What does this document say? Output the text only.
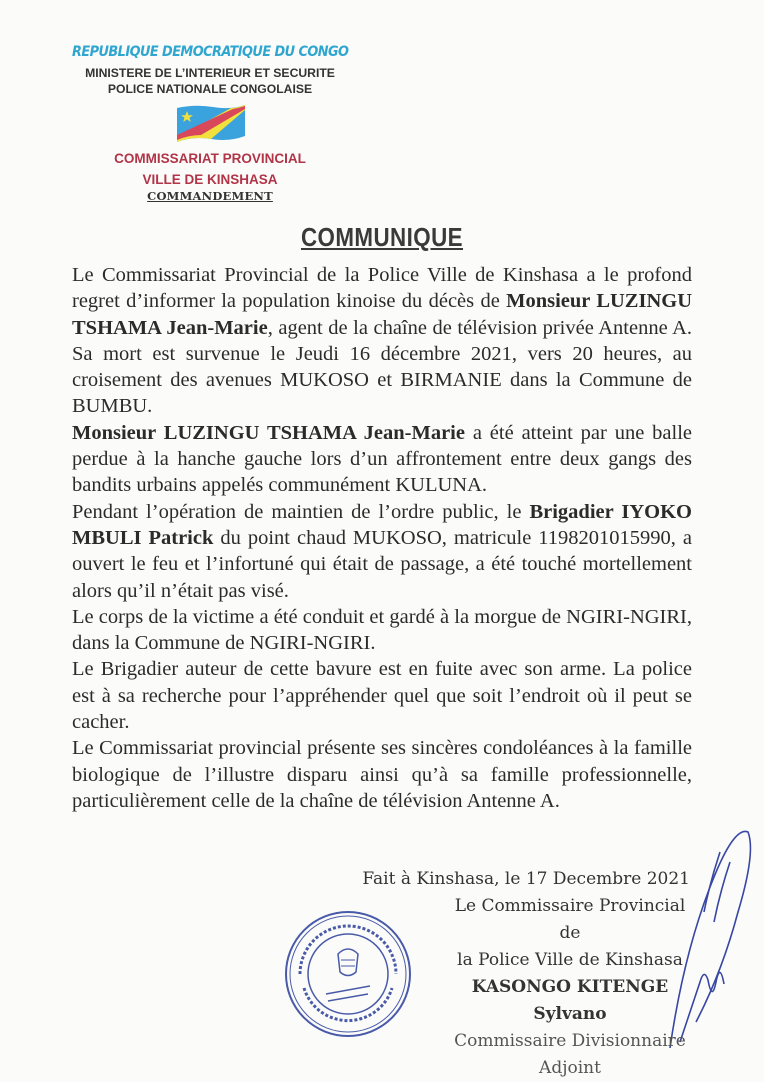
REPUBLIQUE DEMOCRATIQUE DU CONGO
MINISTERE DE L’INTERIEUR ET SECURITE
POLICE NATIONALE CONGOLAISE
COMMISSARIAT PROVINCIAL
VILLE DE KINSHASA
COMMANDEMENT
COMMUNIQUE

Le Commissariat Provincial de la Police Ville de Kinshasa a le profond regret d’informer la population kinoise du décès de Monsieur LUZINGU TSHAMA Jean-Marie, agent de la chaîne de télévision privée Antenne A. Sa mort est survenue le Jeudi 16 décembre 2021, vers 20 heures, au croisement des avenues MUKOSO et BIRMANIE dans la Commune de BUMBU.

Monsieur LUZINGU TSHAMA Jean-Marie a été atteint par une balle perdue à la hanche gauche lors d’un affrontement entre deux gangs des bandits urbains appelés communément KULUNA.

Pendant l’opération de maintien de l’ordre public, le Brigadier IYOKO MBULI Patrick du point chaud MUKOSO, matricule 1198201015990, a ouvert le feu et l’infortuné qui était de passage, a été touché mortellement alors qu’il n’était pas visé.

Le corps de la victime a été conduit et gardé à la morgue de NGIRI-NGIRI, dans la Commune de NGIRI-NGIRI.

Le Brigadier auteur de cette bavure est en fuite avec son arme. La police est à sa recherche pour l’appréhender quel que soit l’endroit où il peut se cacher.

Le Commissariat provincial présente ses sincères condoléances à la famille biologique de l’illustre disparu ainsi qu’à sa famille professionnelle, particulièrement celle de la chaîne de télévision Antenne A.

Fait à Kinshasa, le 17 Decembre 2021
Le Commissaire Provincial de
la Police Ville de Kinshasa
KASONGO KITENGE Sylvano
Commissaire Divisionnaire Adjoint
